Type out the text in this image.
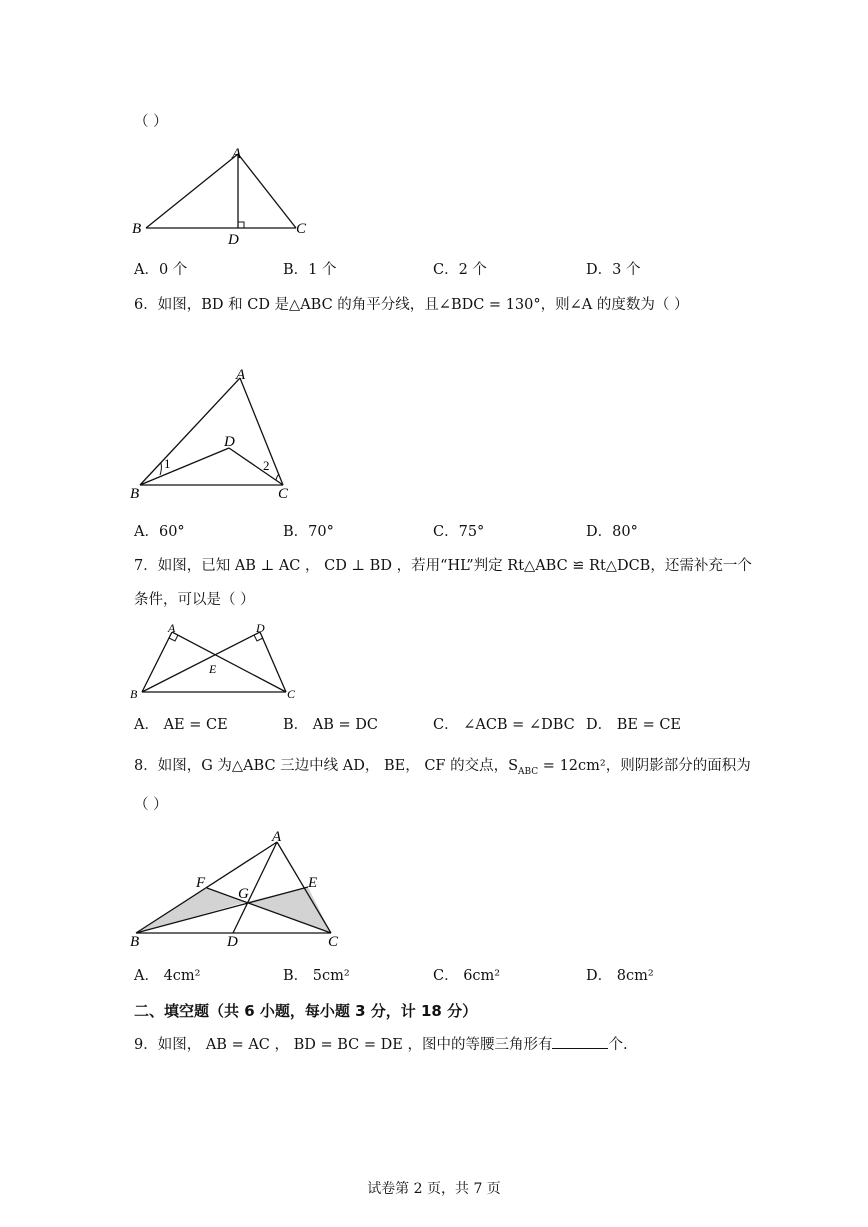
（ ）
A
B	C
D
A．0 个	B．1 个	C．2 个	D．3 个
6．如图，BD 和 CD 是△ABC 的角平分线，且∠BDC = 130°，则∠A 的度数为（ ）
A
B	C
D
1	2
A．60°	B．70°	C．75°	D．80°
7．如图，已知 AB ⊥ AC ， CD ⊥ BD ，若用“HL”判定 Rt△ABC ≌ Rt△DCB，还需补充一个
条件，可以是（ ）
A	D
B	C
E
A． AE = CE	B． AB = DC	C． ∠ACB = ∠DBC D． BE = CE
8．如图，G 为△ABC 三边中线 AD， BE， CF 的交点，$S_{ABC} = 12cm^2$，则阴影部分的面积为
（ ）
A
B	C
D
E
F
G
A． 4cm²	B． 5cm²	C． 6cm²	D． 8cm²
二、填空题（共 6 小题，每小题 3 分，计 18 分）
9．如图， AB = AC ， BD = BC = DE ，图中的等腰三角形有	个.
试卷第 2 页，共 7 页
